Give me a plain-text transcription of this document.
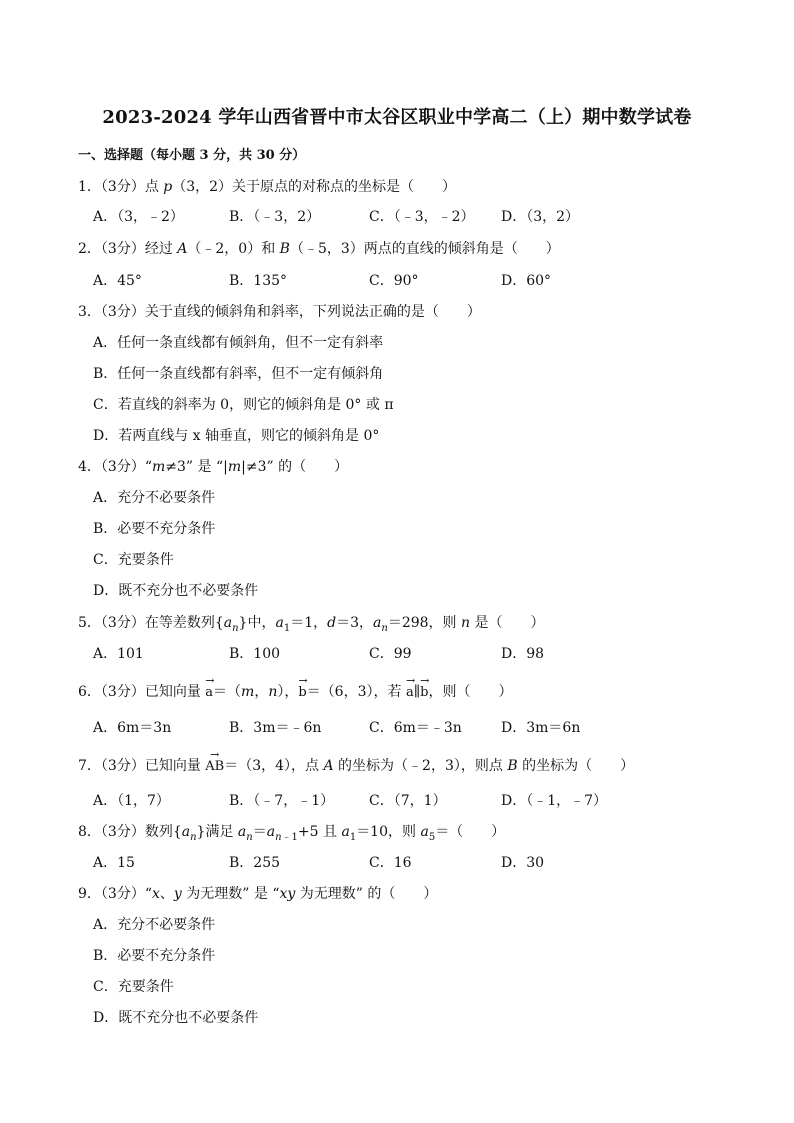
2023-2024 学年山西省晋中市太谷区职业中学高二（上）期中数学试卷
一、选择题（每小题 3 分，共 30 分）
1．（3分）点 p（3，2）关于原点的对称点的坐标是（　　）
A．（3，﹣2）	B．（﹣3，2）	C．（﹣3，﹣2） D．（3，2）
2．（3分）经过 A（﹣2，0）和 B（﹣5，3）两点的直线的倾斜角是（　　）
A．45°	B．135°	C．90°	D．60°
3．（3分）关于直线的倾斜角和斜率，下列说法正确的是（　　）
A．任何一条直线都有倾斜角，但不一定有斜率
B．任何一条直线都有斜率，但不一定有倾斜角
C．若直线的斜率为 0，则它的倾斜角是 0° 或 π
D．若两直线与 x 轴垂直，则它的倾斜角是 0°
4．（3分）“m≠3” 是 “|m|≠3” 的（　　）
A．充分不必要条件
B．必要不充分条件
C．充要条件
D．既不充分也不必要条件
5．（3分）在等差数列$\{a_n\}$中，$a_1=1$，d＝3，$a_n=298$，则 n 是（　　）
A．101	B．100	C．99	D．98
6．（3分）已知向量 → a＝（m，n），→ b＝（6，3），若 → a∥→ b，则（　　）
A．6m＝3n	B．3m＝﹣6n	C．6m＝﹣3n	D．3m＝6n
7．（3分）已知向量 → AB＝（3，4），点 A 的坐标为（﹣2，3），则点 B 的坐标为（　　）
A．（1，7）	B．（﹣7，﹣1） C．（7，1）	D．（﹣1，﹣7）
8．（3分）数列$\{a_n\}$满足 $a_n=a_{n﹣1}+5$ 且 $a_1=10$，则 $a_5=$（　　）
A．15	B．255	C．16	D．30
9．（3分）“x、y 为无理数” 是 “xy 为无理数” 的（　　）
A．充分不必要条件
B．必要不充分条件
C．充要条件
D．既不充分也不必要条件
